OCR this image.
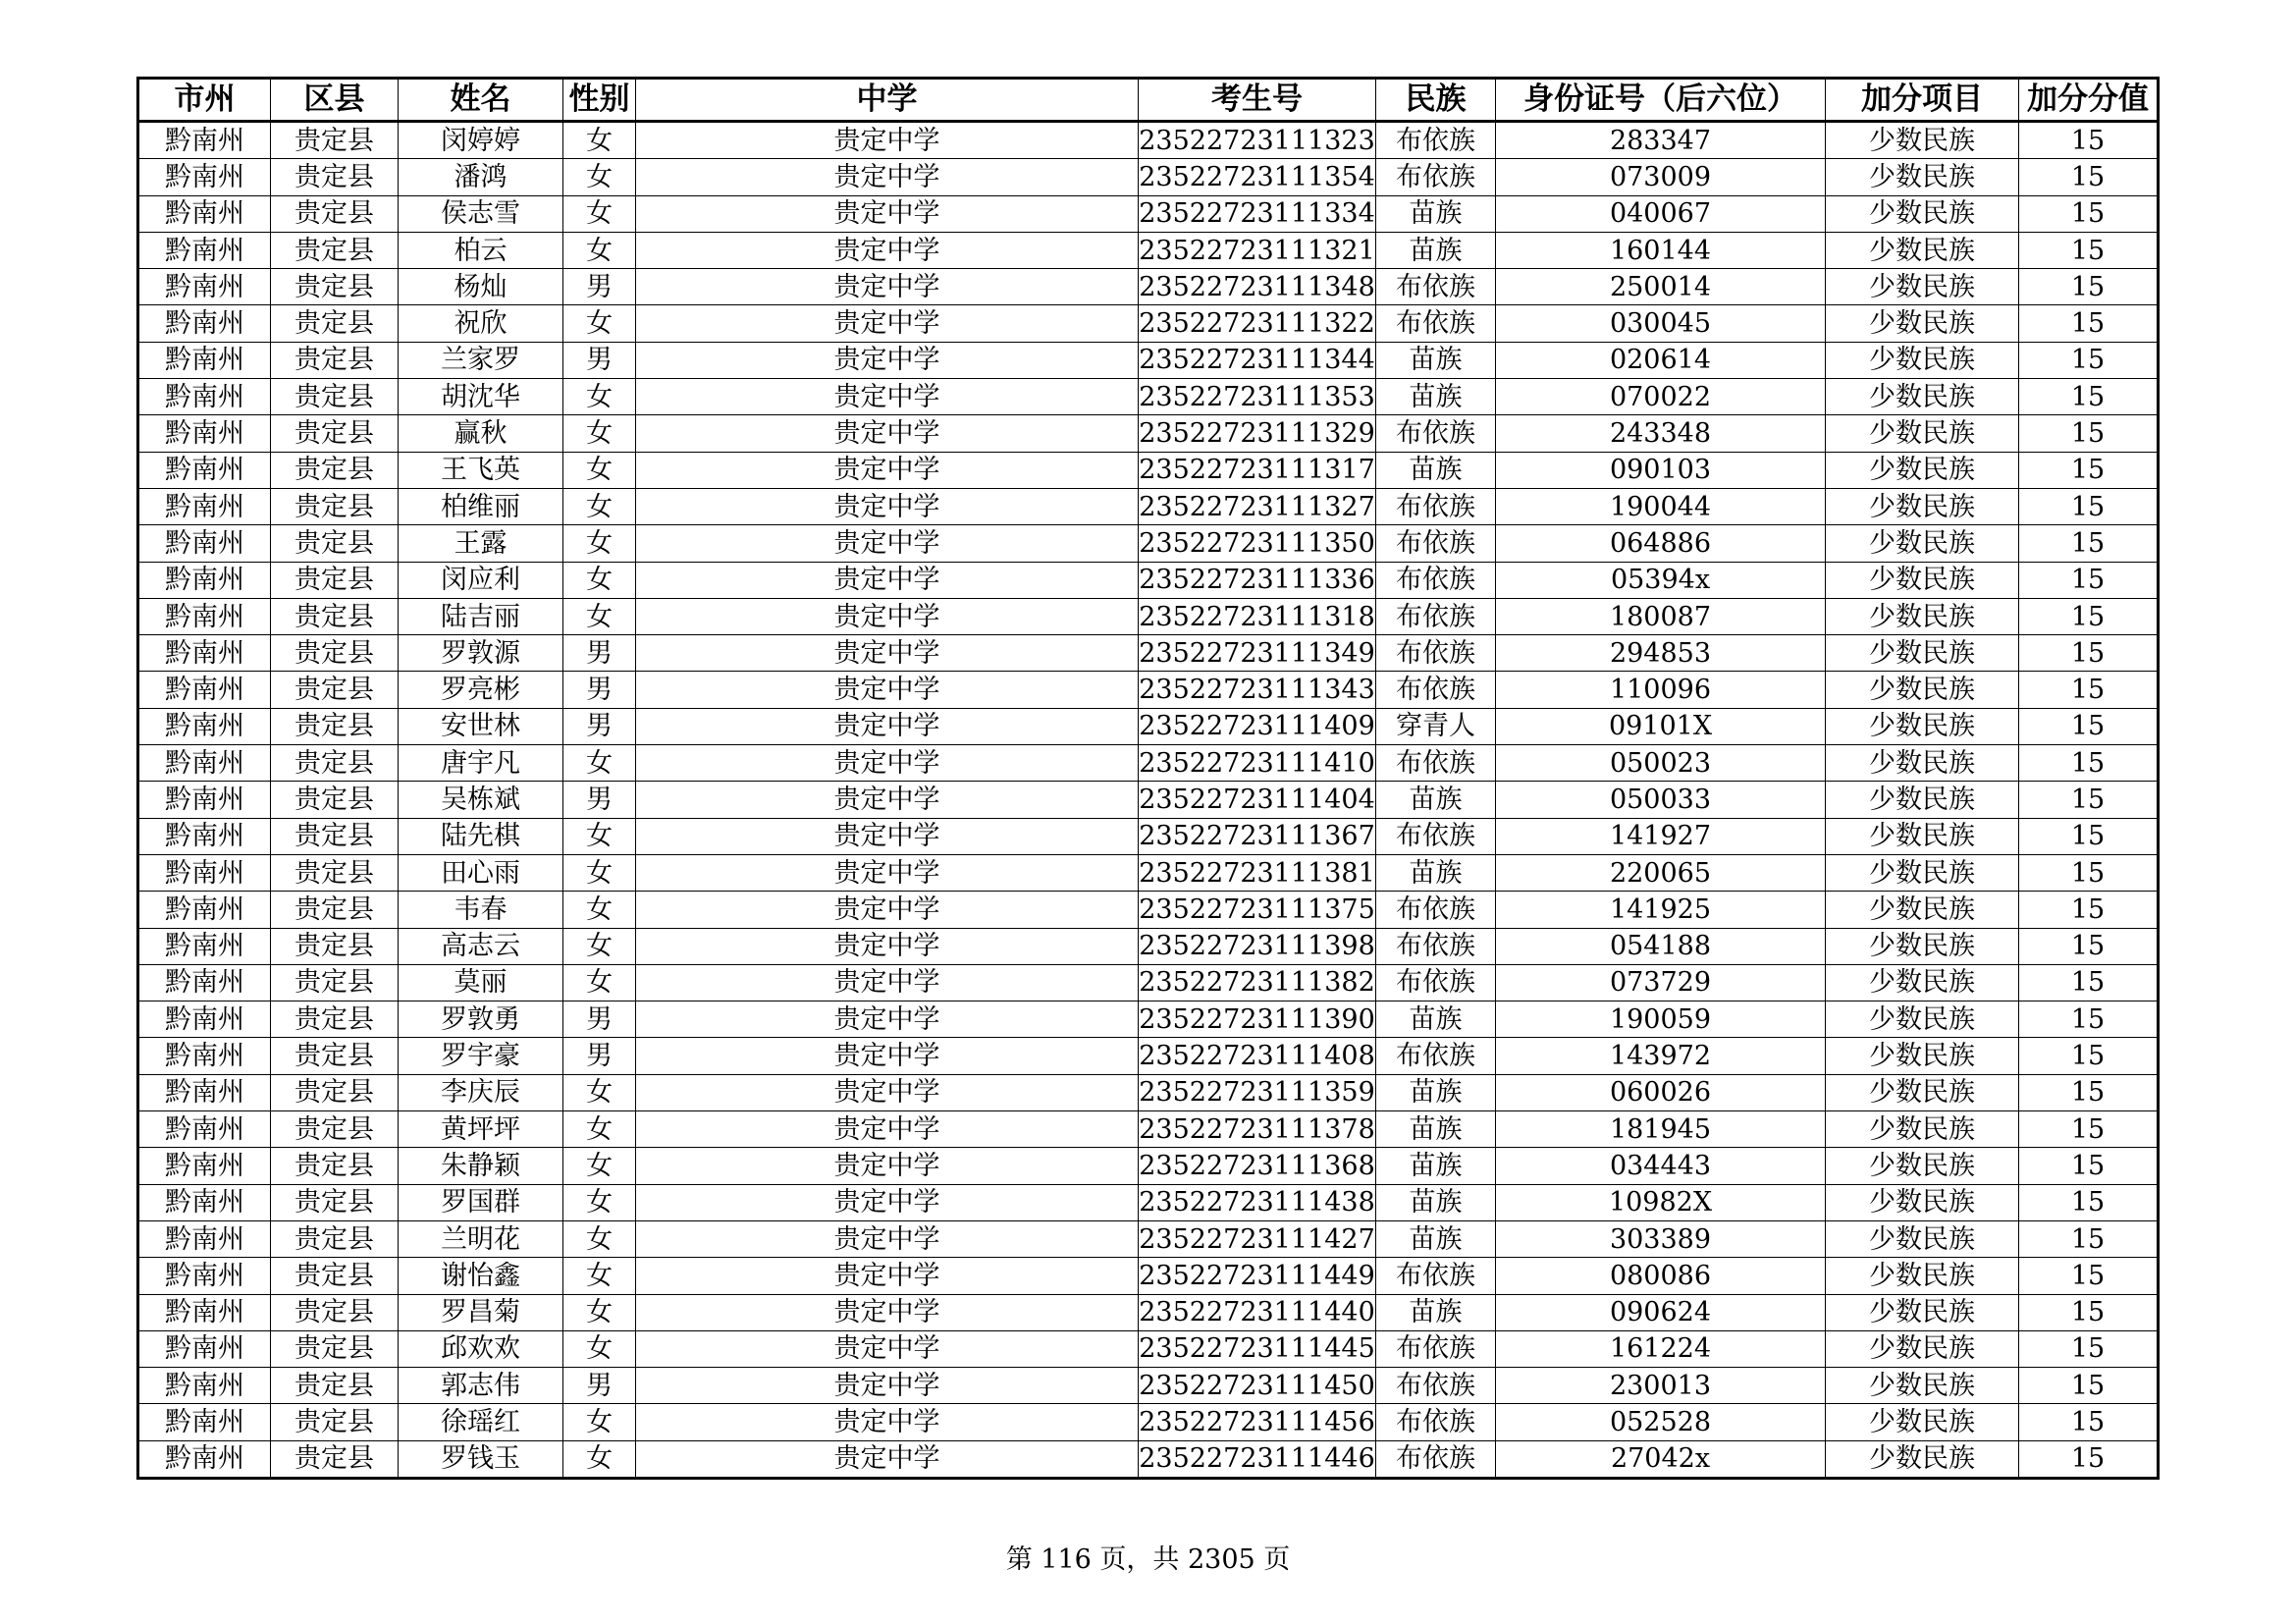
市州	区县	姓名	性别	中学	考生号	民族	身份证号（后六位）	加分项目	加分分值
黔南州	贵定县	闵婷婷	女	贵定中学	23522723111323	布依族	283347	少数民族	15
黔南州	贵定县	潘鸿	女	贵定中学	23522723111354	布依族	073009	少数民族	15
黔南州	贵定县	侯志雪	女	贵定中学	23522723111334	苗族	040067	少数民族	15
黔南州	贵定县	柏云	女	贵定中学	23522723111321	苗族	160144	少数民族	15
黔南州	贵定县	杨灿	男	贵定中学	23522723111348	布依族	250014	少数民族	15
黔南州	贵定县	祝欣	女	贵定中学	23522723111322	布依族	030045	少数民族	15
黔南州	贵定县	兰家罗	男	贵定中学	23522723111344	苗族	020614	少数民族	15
黔南州	贵定县	胡沈华	女	贵定中学	23522723111353	苗族	070022	少数民族	15
黔南州	贵定县	赢秋	女	贵定中学	23522723111329	布依族	243348	少数民族	15
黔南州	贵定县	王飞英	女	贵定中学	23522723111317	苗族	090103	少数民族	15
黔南州	贵定县	柏维丽	女	贵定中学	23522723111327	布依族	190044	少数民族	15
黔南州	贵定县	王露	女	贵定中学	23522723111350	布依族	064886	少数民族	15
黔南州	贵定县	闵应利	女	贵定中学	23522723111336	布依族	05394x	少数民族	15
黔南州	贵定县	陆吉丽	女	贵定中学	23522723111318	布依族	180087	少数民族	15
黔南州	贵定县	罗敦源	男	贵定中学	23522723111349	布依族	294853	少数民族	15
黔南州	贵定县	罗亮彬	男	贵定中学	23522723111343	布依族	110096	少数民族	15
黔南州	贵定县	安世林	男	贵定中学	23522723111409	穿青人	09101X	少数民族	15
黔南州	贵定县	唐宇凡	女	贵定中学	23522723111410	布依族	050023	少数民族	15
黔南州	贵定县	吴栋斌	男	贵定中学	23522723111404	苗族	050033	少数民族	15
黔南州	贵定县	陆先棋	女	贵定中学	23522723111367	布依族	141927	少数民族	15
黔南州	贵定县	田心雨	女	贵定中学	23522723111381	苗族	220065	少数民族	15
黔南州	贵定县	韦春	女	贵定中学	23522723111375	布依族	141925	少数民族	15
黔南州	贵定县	高志云	女	贵定中学	23522723111398	布依族	054188	少数民族	15
黔南州	贵定县	莫丽	女	贵定中学	23522723111382	布依族	073729	少数民族	15
黔南州	贵定县	罗敦勇	男	贵定中学	23522723111390	苗族	190059	少数民族	15
黔南州	贵定县	罗宇豪	男	贵定中学	23522723111408	布依族	143972	少数民族	15
黔南州	贵定县	李庆辰	女	贵定中学	23522723111359	苗族	060026	少数民族	15
黔南州	贵定县	黄坪坪	女	贵定中学	23522723111378	苗族	181945	少数民族	15
黔南州	贵定县	朱静颖	女	贵定中学	23522723111368	苗族	034443	少数民族	15
黔南州	贵定县	罗国群	女	贵定中学	23522723111438	苗族	10982X	少数民族	15
黔南州	贵定县	兰明花	女	贵定中学	23522723111427	苗族	303389	少数民族	15
黔南州	贵定县	谢怡鑫	女	贵定中学	23522723111449	布依族	080086	少数民族	15
黔南州	贵定县	罗昌菊	女	贵定中学	23522723111440	苗族	090624	少数民族	15
黔南州	贵定县	邱欢欢	女	贵定中学	23522723111445	布依族	161224	少数民族	15
黔南州	贵定县	郭志伟	男	贵定中学	23522723111450	布依族	230013	少数民族	15
黔南州	贵定县	徐瑶红	女	贵定中学	23522723111456	布依族	052528	少数民族	15
黔南州	贵定县	罗钱玉	女	贵定中学	23522723111446	布依族	27042x	少数民族	15
第 116 页，共 2305 页
